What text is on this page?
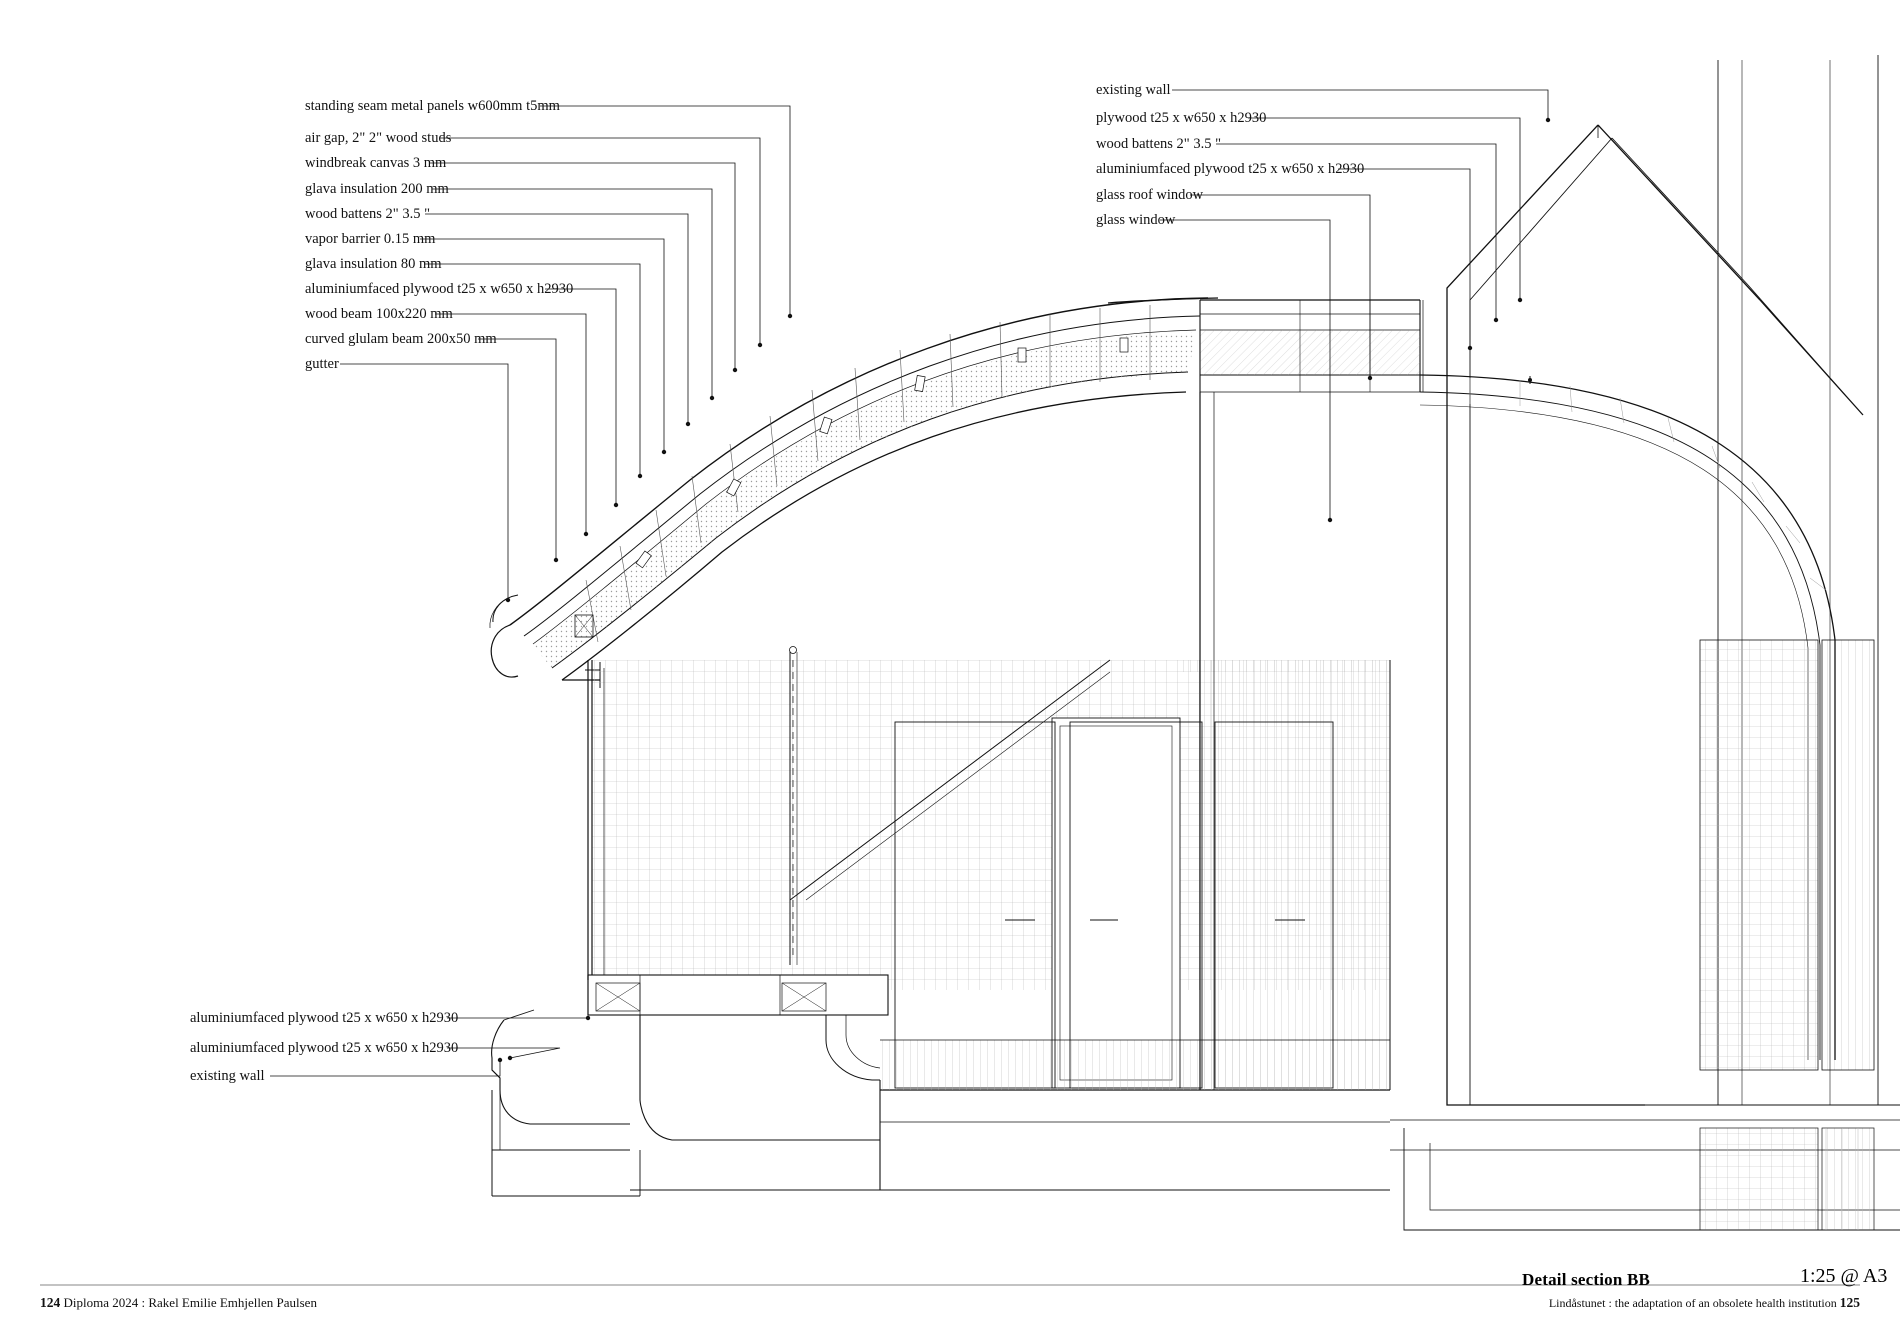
standing seam metal panels w600mm t5mm
air gap, 2" 2" wood studs
windbreak canvas 3 mm
glava insulation 200 mm
wood battens 2" 3.5 "
vapor barrier 0.15 mm
glava insulation 80 mm
aluminiumfaced plywood t25 x w650 x h2930
wood beam 100x220 mm
curved glulam beam 200x50 mm
gutter
existing wall
plywood t25 x w650 x h2930
wood battens 2" 3.5 "
aluminiumfaced plywood t25 x w650 x h2930
glass roof window
glass window
aluminiumfaced plywood t25 x w650 x h2930
aluminiumfaced plywood t25 x w650 x h2930
existing wall
Detail section BB	1:25 @ A3
124 Diploma 2024 : Rakel Emilie Emhjellen Paulsen	Lindåstunet : the adaptation of an obsolete health institution 125
